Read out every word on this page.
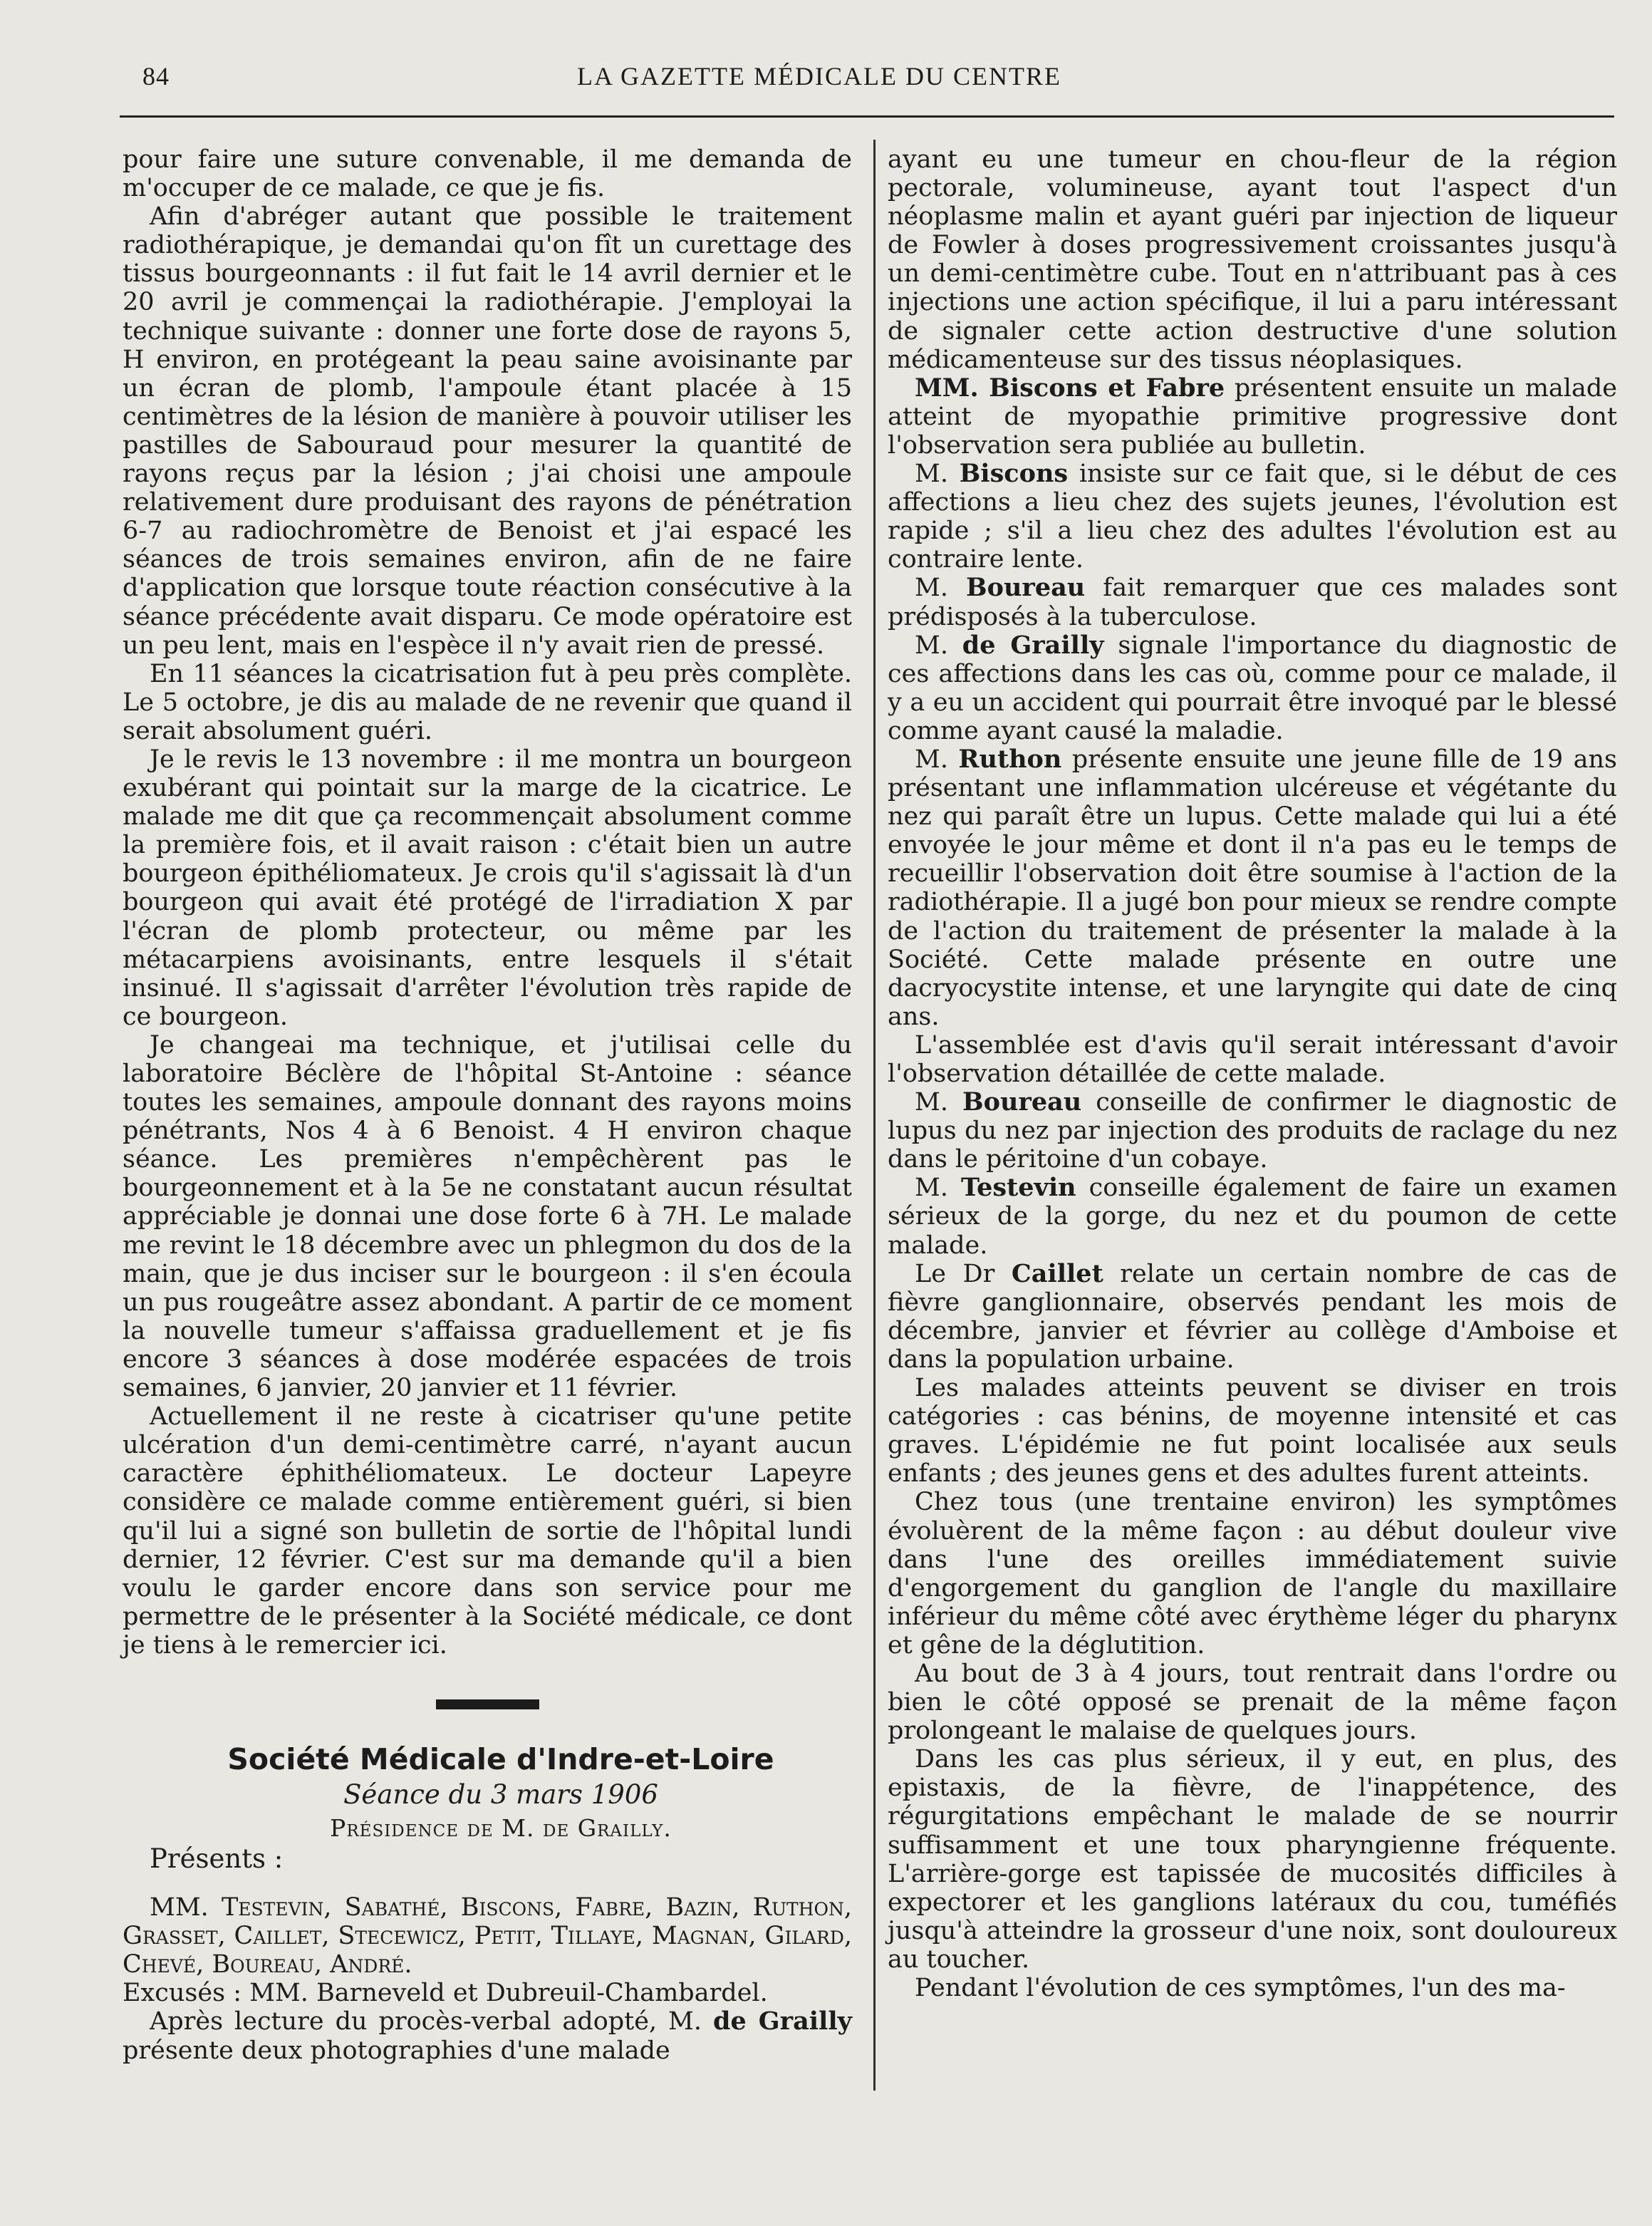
84	LA GAZETTE MÉDICALE DU CENTRE

pour faire une suture convenable, il me demanda de m'occuper de ce malade, ce que je fis.

Afin d'abréger autant que possible le traitement radiothérapique, je demandai qu'on fît un curettage des tissus bourgeonnants : il fut fait le 14 avril dernier et le 20 avril je commençai la radiothérapie. J'employai la technique suivante : donner une forte dose de rayons 5, H environ, en protégeant la peau saine avoisinante par un écran de plomb, l'ampoule étant placée à 15 centimètres de la lésion de manière à pouvoir utiliser les pastilles de Sabouraud pour mesurer la quantité de rayons reçus par la lésion ; j'ai choisi une ampoule relativement dure produisant des rayons de pénétration 6-7 au radiochromètre de Benoist et j'ai espacé les séances de trois semaines environ, afin de ne faire d'application que lorsque toute réaction consécutive à la séance précédente avait disparu. Ce mode opératoire est un peu lent, mais en l'espèce il n'y avait rien de pressé.

En 11 séances la cicatrisation fut à peu près complète. Le 5 octobre, je dis au malade de ne revenir que quand il serait absolument guéri.

Je le revis le 13 novembre : il me montra un bourgeon exubérant qui pointait sur la marge de la cicatrice. Le malade me dit que ça recommençait absolument comme la première fois, et il avait raison : c'était bien un autre bourgeon épithéliomateux. Je crois qu'il s'agissait là d'un bourgeon qui avait été protégé de l'irradiation X par l'écran de plomb protecteur, ou même par les métacarpiens avoisinants, entre lesquels il s'était insinué. Il s'agissait d'arrêter l'évolution très rapide de ce bourgeon.

Je changeai ma technique, et j'utilisai celle du laboratoire Béclère de l'hôpital St-Antoine : séance toutes les semaines, ampoule donnant des rayons moins pénétrants, Nos 4 à 6 Benoist. 4 H environ chaque séance. Les premières n'empêchèrent pas le bourgeonnement et à la 5e ne constatant aucun résultat appréciable je donnai une dose forte 6 à 7H. Le malade me revint le 18 décembre avec un phlegmon du dos de la main, que je dus inciser sur le bourgeon : il s'en écoula un pus rougeâtre assez abondant. A partir de ce moment la nouvelle tumeur s'affaissa graduellement et je fis encore 3 séances à dose modérée espacées de trois semaines, 6 janvier, 20 janvier et 11 février.

Actuellement il ne reste à cicatriser qu'une petite ulcération d'un demi-centimètre carré, n'ayant aucun caractère éphithéliomateux. Le docteur Lapeyre considère ce malade comme entièrement guéri, si bien qu'il lui a signé son bulletin de sortie de l'hôpital lundi dernier, 12 février. C'est sur ma demande qu'il a bien voulu le garder encore dans son service pour me permettre de le présenter à la Société médicale, ce dont je tiens à le remercier ici.

Société Médicale d'Indre-et-Loire

Séance du 3 mars 1906

Présidence de M. de Grailly.

Présents :

MM. Testevin, Sabathé, Biscons, Fabre, Bazin, Ruthon, Grasset, Caillet, Stecewicz, Petit, Tillaye, Magnan, Gilard, Chevé, Boureau, André.

Excusés : MM. Barneveld et Dubreuil-Chambardel.

Après lecture du procès-verbal adopté, M. de Grailly présente deux photographies d'une malade

ayant eu une tumeur en chou-fleur de la région pectorale, volumineuse, ayant tout l'aspect d'un néoplasme malin et ayant guéri par injection de liqueur de Fowler à doses progressivement croissantes jusqu'à un demi-centimètre cube. Tout en n'attribuant pas à ces injections une action spécifique, il lui a paru intéressant de signaler cette action destructive d'une solution médicamenteuse sur des tissus néoplasiques.

MM. Biscons et Fabre présentent ensuite un malade atteint de myopathie primitive progressive dont l'observation sera publiée au bulletin.

M. Biscons insiste sur ce fait que, si le début de ces affections a lieu chez des sujets jeunes, l'évolution est rapide ; s'il a lieu chez des adultes l'évolution est au contraire lente.

M. Boureau fait remarquer que ces malades sont prédisposés à la tuberculose.

M. de Grailly signale l'importance du diagnostic de ces affections dans les cas où, comme pour ce malade, il y a eu un accident qui pourrait être invoqué par le blessé comme ayant causé la maladie.

M. Ruthon présente ensuite une jeune fille de 19 ans présentant une inflammation ulcéreuse et végétante du nez qui paraît être un lupus. Cette malade qui lui a été envoyée le jour même et dont il n'a pas eu le temps de recueillir l'observation doit être soumise à l'action de la radiothérapie. Il a jugé bon pour mieux se rendre compte de l'action du traitement de présenter la malade à la Société. Cette malade présente en outre une dacryocystite intense, et une laryngite qui date de cinq ans.

L'assemblée est d'avis qu'il serait intéressant d'avoir l'observation détaillée de cette malade.

M. Boureau conseille de confirmer le diagnostic de lupus du nez par injection des produits de raclage du nez dans le péritoine d'un cobaye.

M. Testevin conseille également de faire un examen sérieux de la gorge, du nez et du poumon de cette malade.

Le Dr Caillet relate un certain nombre de cas de fièvre ganglionnaire, observés pendant les mois de décembre, janvier et février au collège d'Amboise et dans la population urbaine.

Les malades atteints peuvent se diviser en trois catégories : cas bénins, de moyenne intensité et cas graves. L'épidémie ne fut point localisée aux seuls enfants ; des jeunes gens et des adultes furent atteints.

Chez tous (une trentaine environ) les symptômes évoluèrent de la même façon : au début douleur vive dans l'une des oreilles immédiatement suivie d'engorgement du ganglion de l'angle du maxillaire inférieur du même côté avec érythème léger du pharynx et gêne de la déglutition.

Au bout de 3 à 4 jours, tout rentrait dans l'ordre ou bien le côté opposé se prenait de la même façon prolongeant le malaise de quelques jours.

Dans les cas plus sérieux, il y eut, en plus, des epistaxis, de la fièvre, de l'inappétence, des régurgitations empêchant le malade de se nourrir suffisamment et une toux pharyngienne fréquente. L'arrière-gorge est tapissée de mucosités difficiles à expectorer et les ganglions latéraux du cou, tuméfiés jusqu'à atteindre la grosseur d'une noix, sont douloureux au toucher.

Pendant l'évolution de ces symptômes, l'un des ma-
